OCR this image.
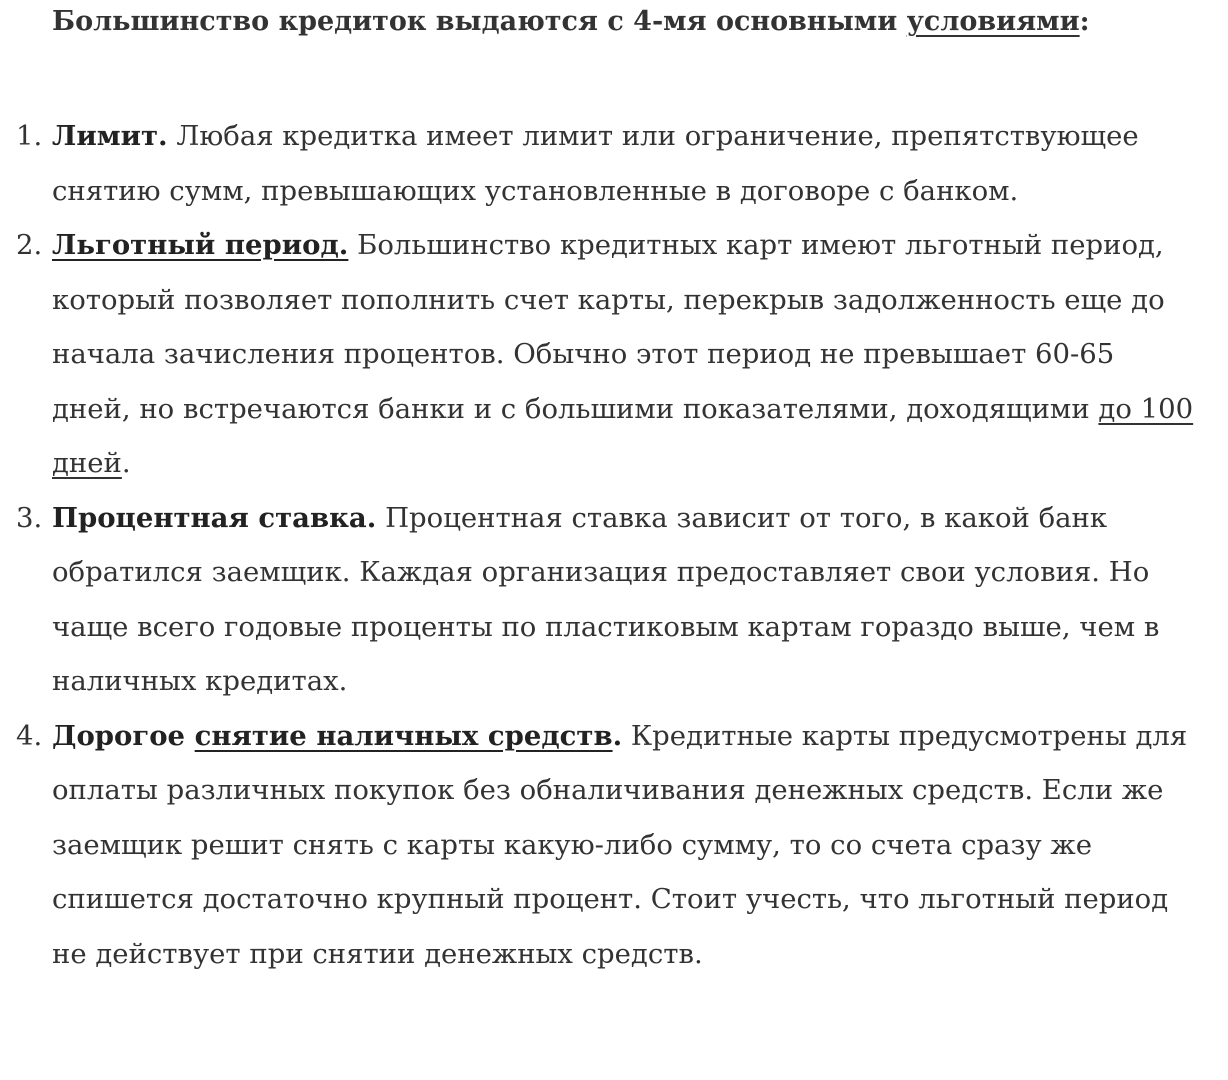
Большинство кредиток выдаются с 4-мя основными условиями:

1. Лимит. Любая кредитка имеет лимит или ограничение, препятствующее снятию сумм, превышающих установленные в договоре с банком.
2. Льготный период. Большинство кредитных карт имеют льготный период, который позволяет пополнить счет карты, перекрыв задолженность еще до начала зачисления процентов. Обычно этот период не превышает 60-65 дней, но встречаются банки и с большими показателями, доходящими до 100 дней.
3. Процентная ставка. Процентная ставка зависит от того, в какой банк обратился заемщик. Каждая организация предоставляет свои условия. Но чаще всего годовые проценты по пластиковым картам гораздо выше, чем в наличных кредитах.
4. Дорогое снятие наличных средств. Кредитные карты предусмотрены для оплаты различных покупок без обналичивания денежных средств. Если же заемщик решит снять с карты какую-либо сумму, то со счета сразу же спишется достаточно крупный процент. Стоит учесть, что льготный период не действует при снятии денежных средств.
